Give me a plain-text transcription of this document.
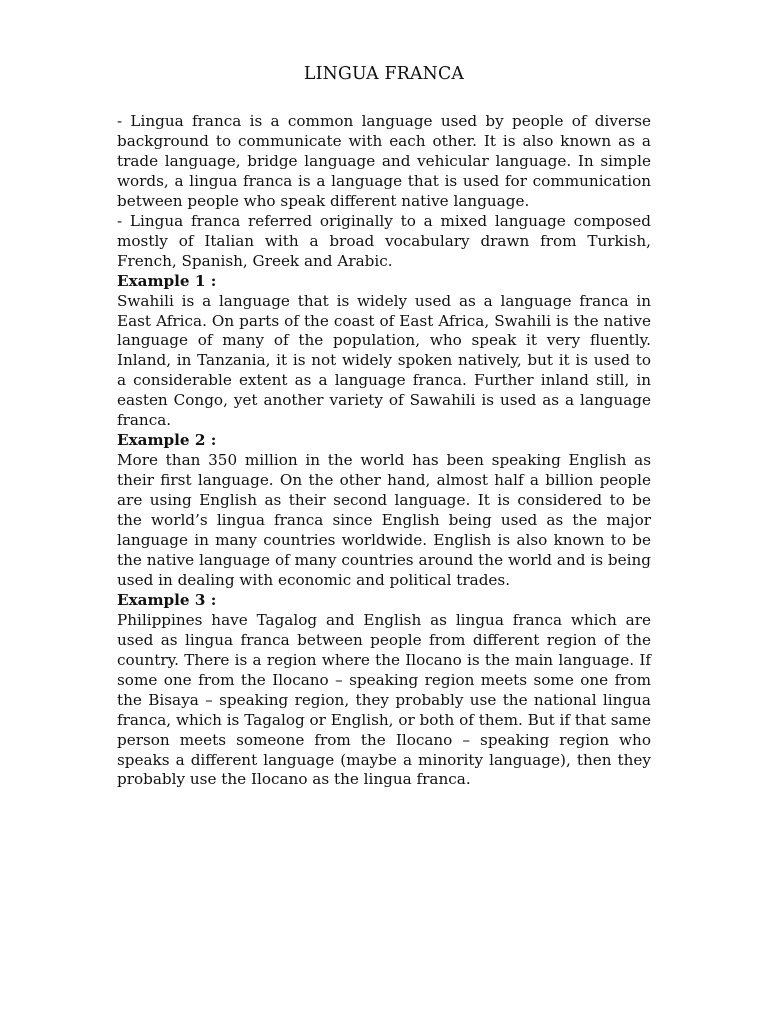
LINGUA FRANCA

- Lingua franca is a common language used by people of diverse background to communicate with each other. It is also known as a trade language, bridge language and vehicular language. In simple words, a lingua franca is a language that is used for communication between people who speak different native language.

- Lingua franca referred originally to a mixed language composed mostly of Italian with a broad vocabulary drawn from Turkish, French, Spanish, Greek and Arabic.

Example 1 :

Swahili is a language that is widely used as a language franca in East Africa. On parts of the coast of East Africa, Swahili is the native language of many of the population, who speak it very fluently. Inland, in Tanzania, it is not widely spoken natively, but it is used to a considerable extent as a language franca. Further inland still, in easten Congo, yet another variety of Sawahili is used as a language franca.

Example 2 :

More than 350 million in the world has been speaking English as their first language. On the other hand, almost half a billion people are using English as their second language. It is considered to be the world’s lingua franca since English being used as the major language in many countries worldwide. English is also known to be the native language of many countries around the world and is being used in dealing with economic and political trades.

Example 3 :

Philippines have Tagalog and English as lingua franca which are used as lingua franca between people from different region of the country. There is a region where the Ilocano is the main language. If some one from the Ilocano – speaking region meets some one from the Bisaya – speaking region, they probably use the national lingua franca, which is Tagalog or English, or both of them. But if that same person meets someone from the Ilocano – speaking region who speaks a different language (maybe a minority language), then they probably use the Ilocano as the lingua franca.
